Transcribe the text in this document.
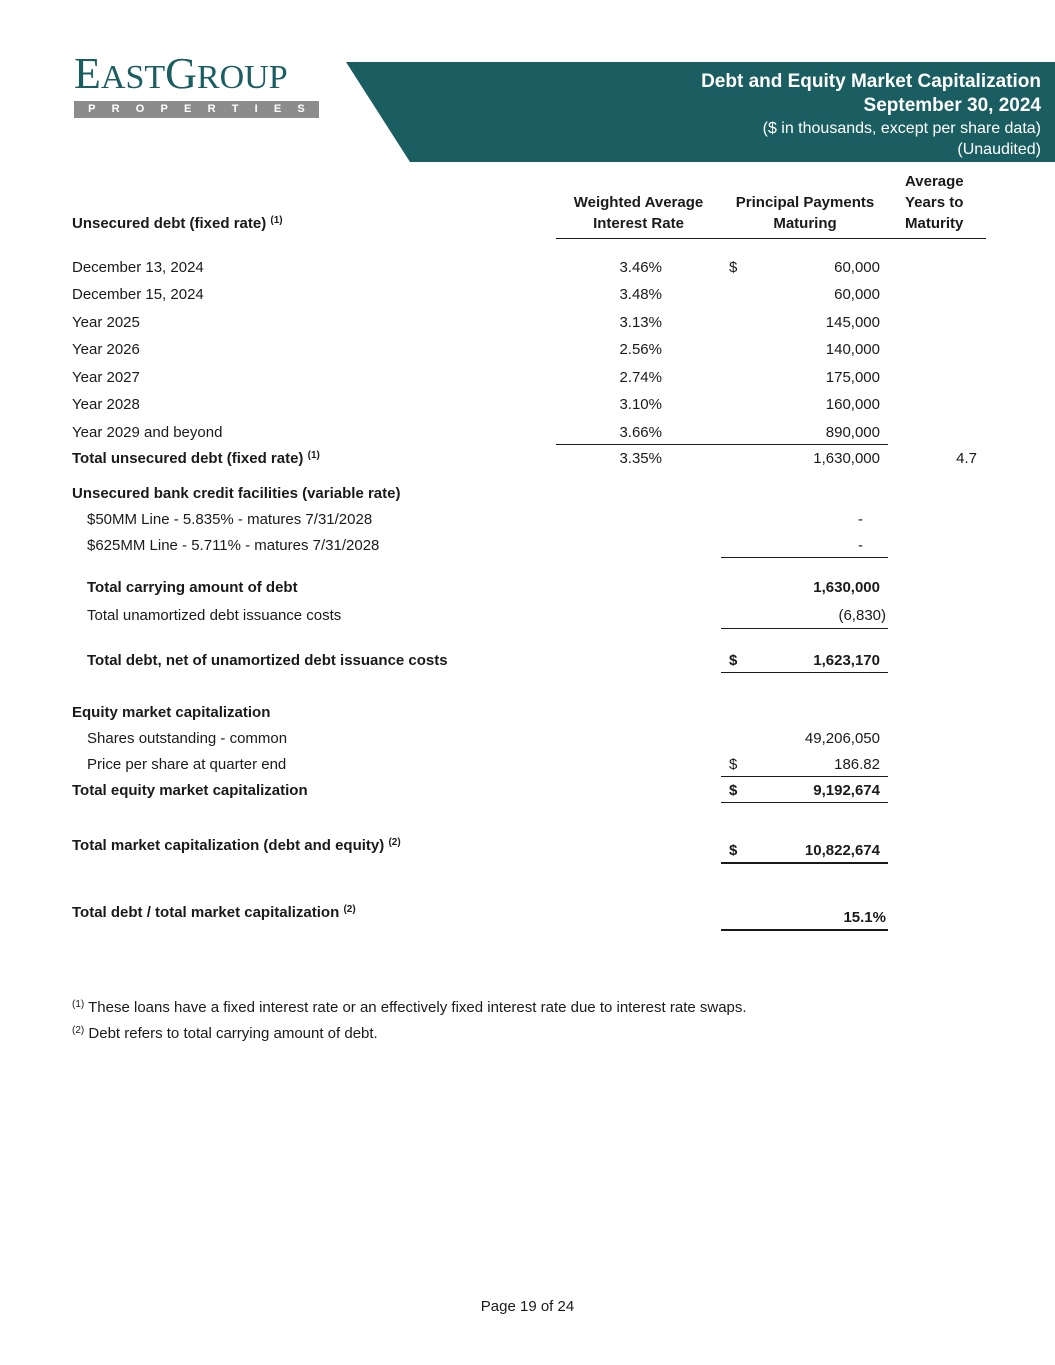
EASTGROUP
P R O P E R T I E S
Debt and Equity Market Capitalization
September 30, 2024
($ in thousands, except per share data)
(Unaudited)
Weighted Average
Interest Rate
Principal Payments
Maturing
Average
Years to
Maturity
Unsecured debt (fixed rate) $^{(1)}$
December 13, 2024	3.46%	$	60,000
December 15, 2024	3.48%	60,000
Year 2025	3.13%	145,000
Year 2026	2.56%	140,000
Year 2027	2.74%	175,000
Year 2028	3.10%	160,000
Year 2029 and beyond	3.66%	890,000
Total unsecured debt (fixed rate) $^{(1)}$	3.35%	1,630,000	4.7
Unsecured bank credit facilities (variable rate)
$50MM Line - 5.835% - matures 7/31/2028	-
$625MM Line - 5.711% - matures 7/31/2028	-
Total carrying amount of debt	1,630,000
Total unamortized debt issuance costs	(6,830)
Total debt, net of unamortized debt issuance costs	$	1,623,170
Equity market capitalization
Shares outstanding - common	49,206,050
Price per share at quarter end	$	186.82
Total equity market capitalization	$	9,192,674
Total market capitalization (debt and equity) $^{(2)}$	$	10,822,674
Total debt / total market capitalization $^{(2)}$	15.1%
$^{(1)}$ These loans have a fixed interest rate or an effectively fixed interest rate due to interest rate swaps.
$^{(2)}$ Debt refers to total carrying amount of debt.
Page 19 of 24
